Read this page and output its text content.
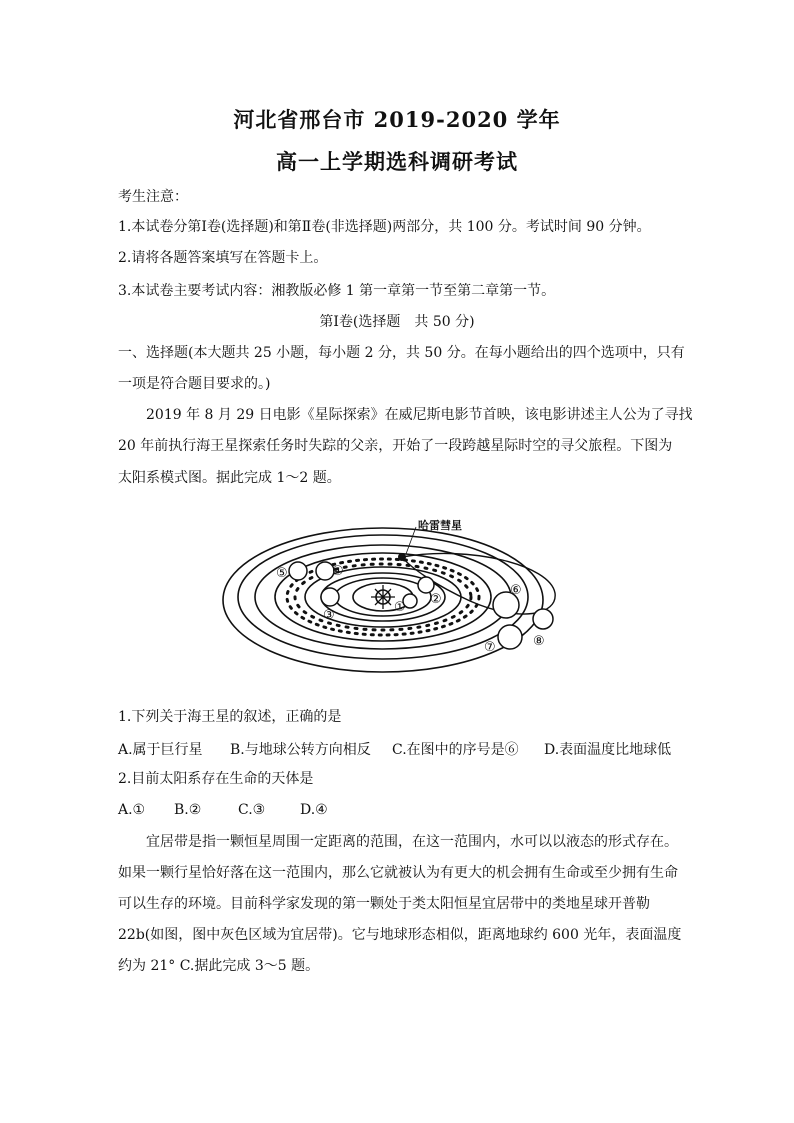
河北省邢台市 2019-2020 学年
高一上学期选科调研考试
考生注意：
1.本试卷分第Ⅰ卷(选择题)和第Ⅱ卷(非选择题)两部分，共 100 分。考试时间 90 分钟。
2.请将各题答案填写在答题卡上。
3.本试卷主要考试内容：湘教版必修 1 第一章第一节至第二章第一节。
第Ⅰ卷(选择题　共 50 分)
一、选择题(本大题共 25 小题，每小题 2 分，共 50 分。在每小题给出的四个选项中，只有
一项是符合题目要求的。)
2019 年 8 月 29 日电影《星际探索》在威尼斯电影节首映，该电影讲述主人公为了寻找
20 年前执行海王星探索任务时失踪的父亲，开始了一段跨越星际时空的寻父旅程。下图为
太阳系模式图。据此完成 1～2 题。
哈雷彗星
①
②
③
④
⑤
⑥
⑦	⑧
1.下列关于海王星的叙述，正确的是
A.属于巨行星 B.与地球公转方向相反 C.在图中的序号是⑥ D.表面温度比地球低
2.目前太阳系存在生命的天体是
A.① B.②	C.③ D.④
宜居带是指一颗恒星周围一定距离的范围，在这一范围内，水可以以液态的形式存在。
如果一颗行星恰好落在这一范围内，那么它就被认为有更大的机会拥有生命或至少拥有生命
可以生存的环境。目前科学家发现的第一颗处于类太阳恒星宜居带中的类地星球开普勒
22b(如图，图中灰色区域为宜居带)。它与地球形态相似，距离地球约 600 光年，表面温度
约为 21° C.据此完成 3～5 题。
